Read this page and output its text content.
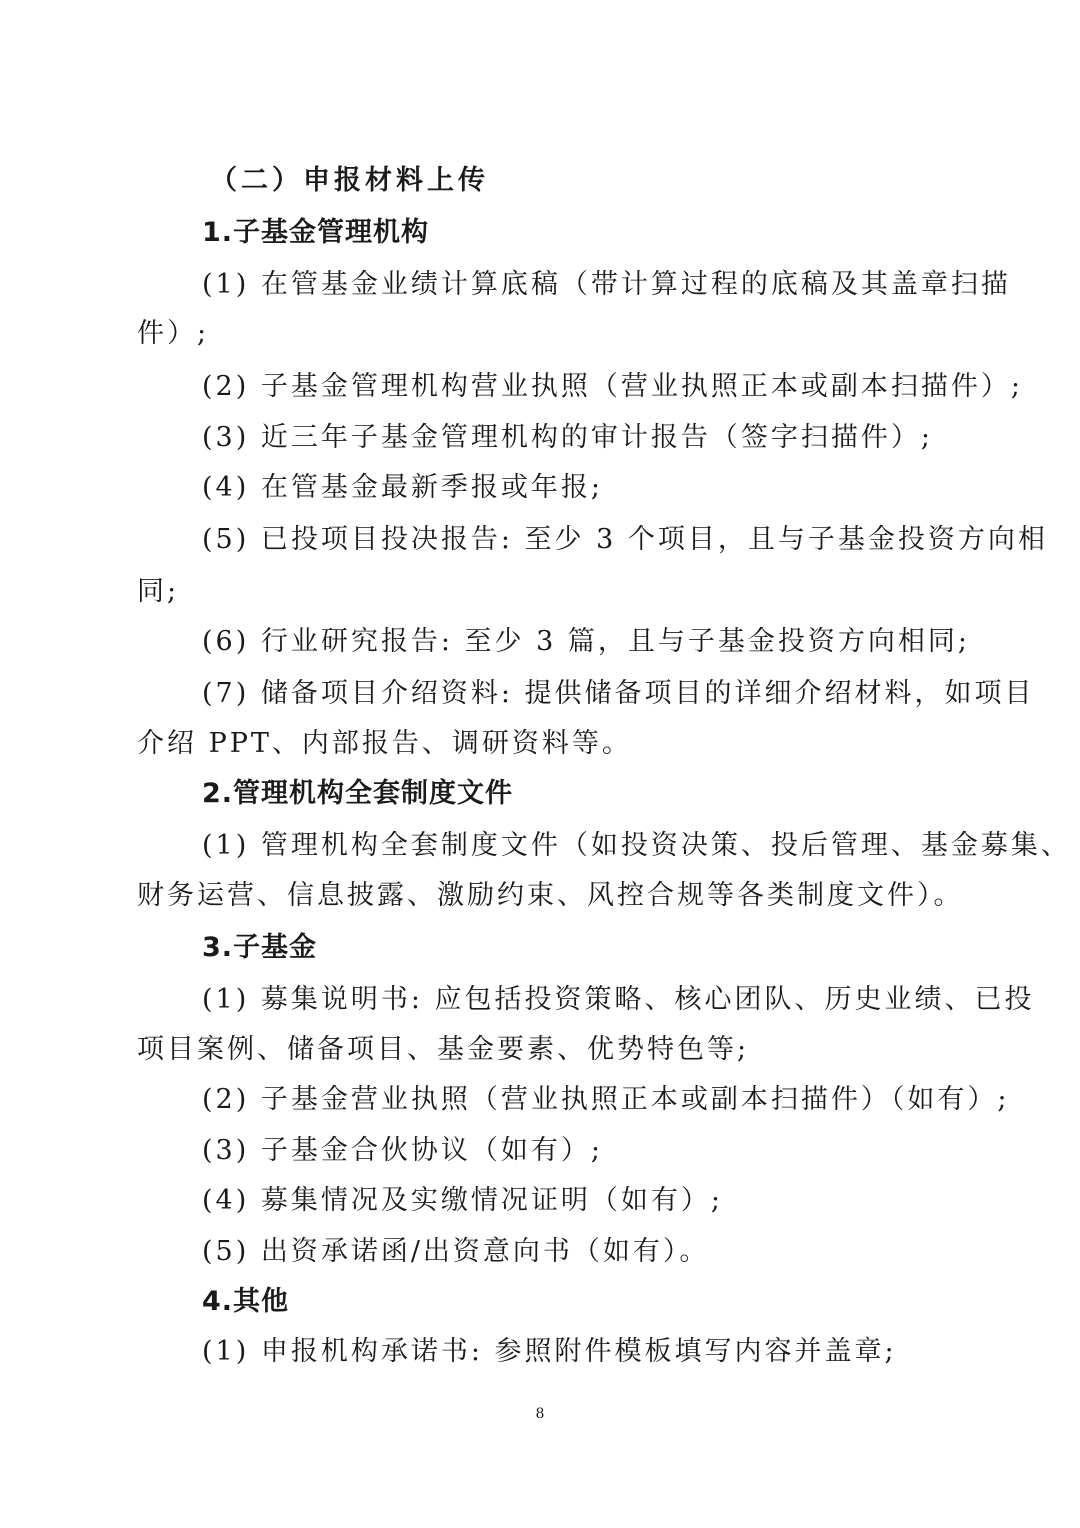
（二）申报材料上传
1.子基金管理机构
(1) 在管基金业绩计算底稿（带计算过程的底稿及其盖章扫描
件）;
(2) 子基金管理机构营业执照（营业执照正本或副本扫描件）;
(3) 近三年子基金管理机构的审计报告（签字扫描件）;
(4) 在管基金最新季报或年报;
(5) 已投项目投决报告: 至少 3 个项目，且与子基金投资方向相
同;
(6) 行业研究报告: 至少 3 篇，且与子基金投资方向相同;
(7) 储备项目介绍资料: 提供储备项目的详细介绍材料，如项目
介绍 PPT、内部报告、调研资料等。
2.管理机构全套制度文件
(1) 管理机构全套制度文件（如投资决策、投后管理、基金募集、
财务运营、信息披露、激励约束、风控合规等各类制度文件）。
3.子基金
(1) 募集说明书: 应包括投资策略、核心团队、历史业绩、已投
项目案例、储备项目、基金要素、优势特色等;
(2) 子基金营业执照（营业执照正本或副本扫描件）（如有）;
(3) 子基金合伙协议（如有）;
(4) 募集情况及实缴情况证明（如有）;
(5) 出资承诺函/出资意向书（如有）。
4.其他
(1) 申报机构承诺书: 参照附件模板填写内容并盖章;
8
